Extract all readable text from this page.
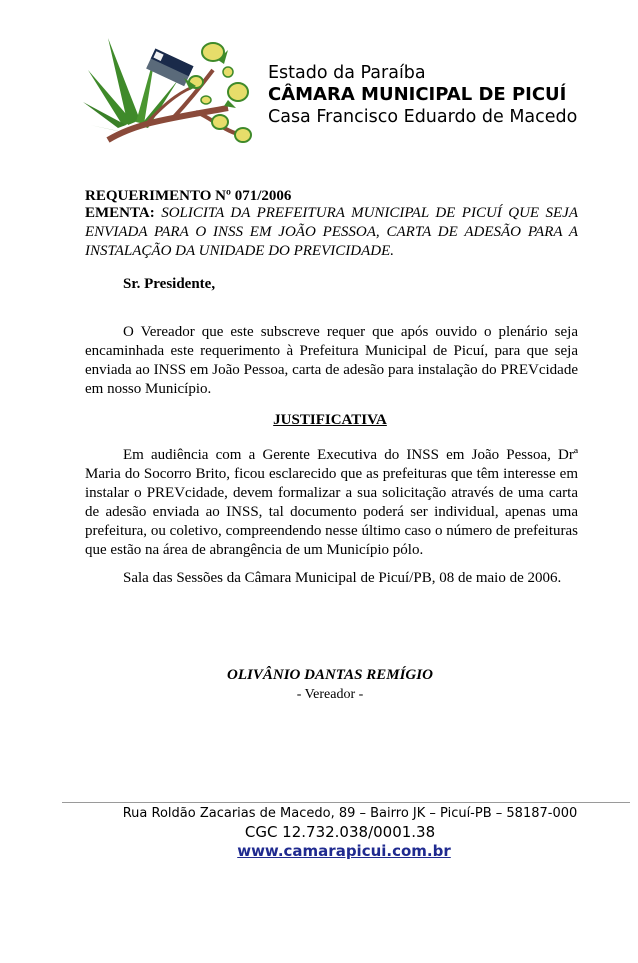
Estado da Paraíba
CÂMARA MUNICIPAL DE PICUÍ
Casa Francisco Eduardo de Macedo
REQUERIMENTO Nº 071/2006
EMENTA: SOLICITA DA PREFEITURA MUNICIPAL DE PICUÍ QUE SEJA ENVIADA PARA O INSS EM JOÃO PESSOA, CARTA DE ADESÃO PARA A INSTALAÇÃO DA UNIDADE DO PREVICIDADE.
Sr. Presidente,
O Vereador que este subscreve requer que após ouvido o plenário seja encaminhada este requerimento à Prefeitura Municipal de Picuí, para que seja enviada ao INSS em João Pessoa, carta de adesão para instalação do PREVcidade em nosso Município.
JUSTIFICATIVA
Em audiência com a Gerente Executiva do INSS em João Pessoa, Drª Maria do Socorro Brito, ficou esclarecido que as prefeituras que têm interesse em instalar o PREVcidade, devem formalizar a sua solicitação através de uma carta de adesão enviada ao INSS, tal documento poderá ser individual, apenas uma prefeitura, ou coletivo, compreendendo nesse último caso o número de prefeituras que estão na área de abrangência de um Município pólo.
Sala das Sessões da Câmara Municipal de Picuí/PB, 08 de maio de 2006.
OLIVÂNIO DANTAS REMÍGIO
- Vereador -
Rua Roldão Zacarias de Macedo, 89 – Bairro JK – Picuí-PB – 58187-000
CGC 12.732.038/0001.38
www.camarapicui.com.br
